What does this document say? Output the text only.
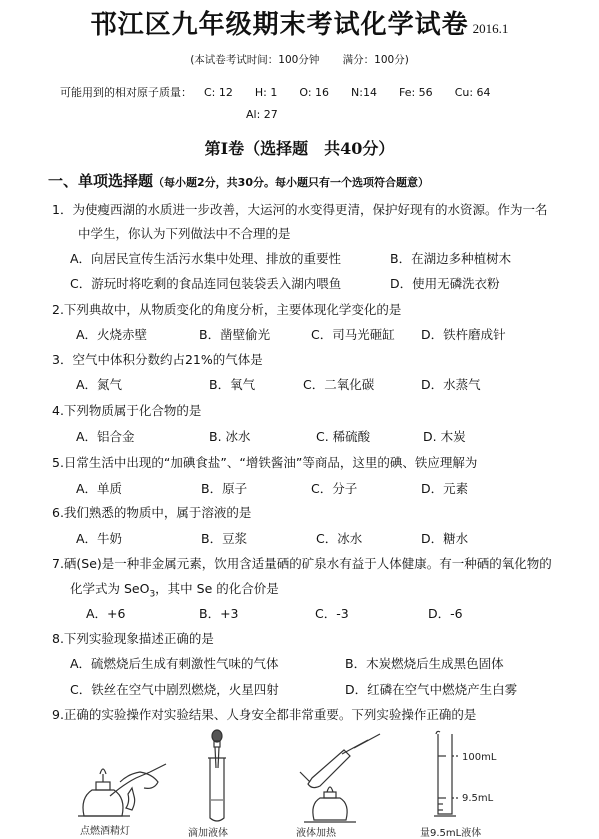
邗江区九年级期末考试化学试卷 2016.1
(本试卷考试时间：100分钟 满分：100分)
可能用到的相对原子质量： C: 12 H: 1 O: 16 N:14 Fe: 56 Cu: 64
Al: 27
第Ⅰ卷（选择题　共40分）
一、单项选择题（每小题2分，共30分。每小题只有一个选项符合题意）
1．为使瘦西湖的水质进一步改善，大运河的水变得更清，保护好现有的水资源。作为一名
中学生，你认为下列做法中不合理的是
A．向居民宣传生活污水集中处理、排放的重要性	B．在湖边多种植树木
C．游玩时将吃剩的食品连同包装袋丢入湖内喂鱼	D．使用无磷洗衣粉
2.下列典故中，从物质变化的角度分析，主要体现化学变化的是
A．火烧赤壁	B．凿壁偷光	C．司马光砸缸 D．铁杵磨成针
3．空气中体积分数约占21%的气体是
A．氮气	B．氧气	C．二氧化碳	D．水蒸气
4.下列物质属于化合物的是
A．铝合金	B. 冰水	C. 稀硫酸	D. 木炭
5.日常生活中出现的“加碘食盐”、“增铁酱油”等商品，这里的碘、铁应理解为
A．单质	B．原子	C．分子	D．元素
6.我们熟悉的物质中，属于溶液的是
A．牛奶	B．豆浆	C．冰水	D．糖水
7.硒(Se)是一种非金属元素，饮用含适量硒的矿泉水有益于人体健康。有一种硒的氧化物的
化学式为 SeO$_3$，其中 Se 的化合价是
A．+6	B．+3	C．-3	D．-6
8.下列实验现象描述正确的是
A．硫燃烧后生成有刺激性气味的气体	B．木炭燃烧后生成黑色固体
C．铁丝在空气中剧烈燃烧，火星四射	D．红磷在空气中燃烧产生白雾
9.正确的实验操作对实验结果、人身安全都非常重要。下列实验操作正确的是
点燃酒精灯	滴加液体	液体加热
100mL
9.5mL
量9.5mL液体
